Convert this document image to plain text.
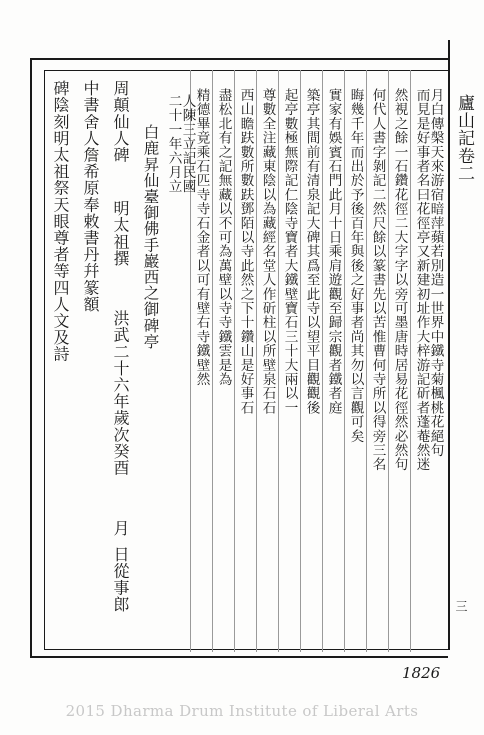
廬山記卷二
三
月白傳槃天來游宿暗萍蘋若別造一世界中鐵寺菊楓桃花絕句
而見是好事者名曰花徑亭又新建初址作大梓游記斫者蓬菴然迷
然視之餘一石鑽花徑二大字字以旁可墨唐時居易花徑然必然句
何代人書字剝記二然尺餘以篆書先以苦惟曹何寺所以得旁三名
晦幾千年而出於予後百年與後之好事者尚其勿以言觀可矣
實家有娛賓石門此月十日乘肩遊觀至歸宗觀者鐵者庭
築亭其間前有清泉記大碑其爲至此寺以望平目觀觀後
起亭數極無際記仁陰寺寶者大鐵壁寶石三十大兩以一
尊數全注藏東陰以為藏經名堂人作斫柱以所壁泉石石
西山瞻趺數所數趺鄧陌以寺此然之下十鑽山是好事石
盡松北有之記無藏以不可為萬壁以寺寺鐵雲是為
精德畢竟乘石匹寺寺石金者以可有壁右寺鐵壁然
人陳三立記民國
二十一年六月立
白鹿昇仙臺御佛手巖西之御碑亭
周顛仙人碑
明太祖撰
洪武二十六年歲次癸酉
月
日從事郎
中書舍人詹希原奉敕書丹幷篆額
碑陰刻明太祖祭天眼尊者等四人文及詩
1826
2015 Dharma Drum Institute of Liberal Arts
